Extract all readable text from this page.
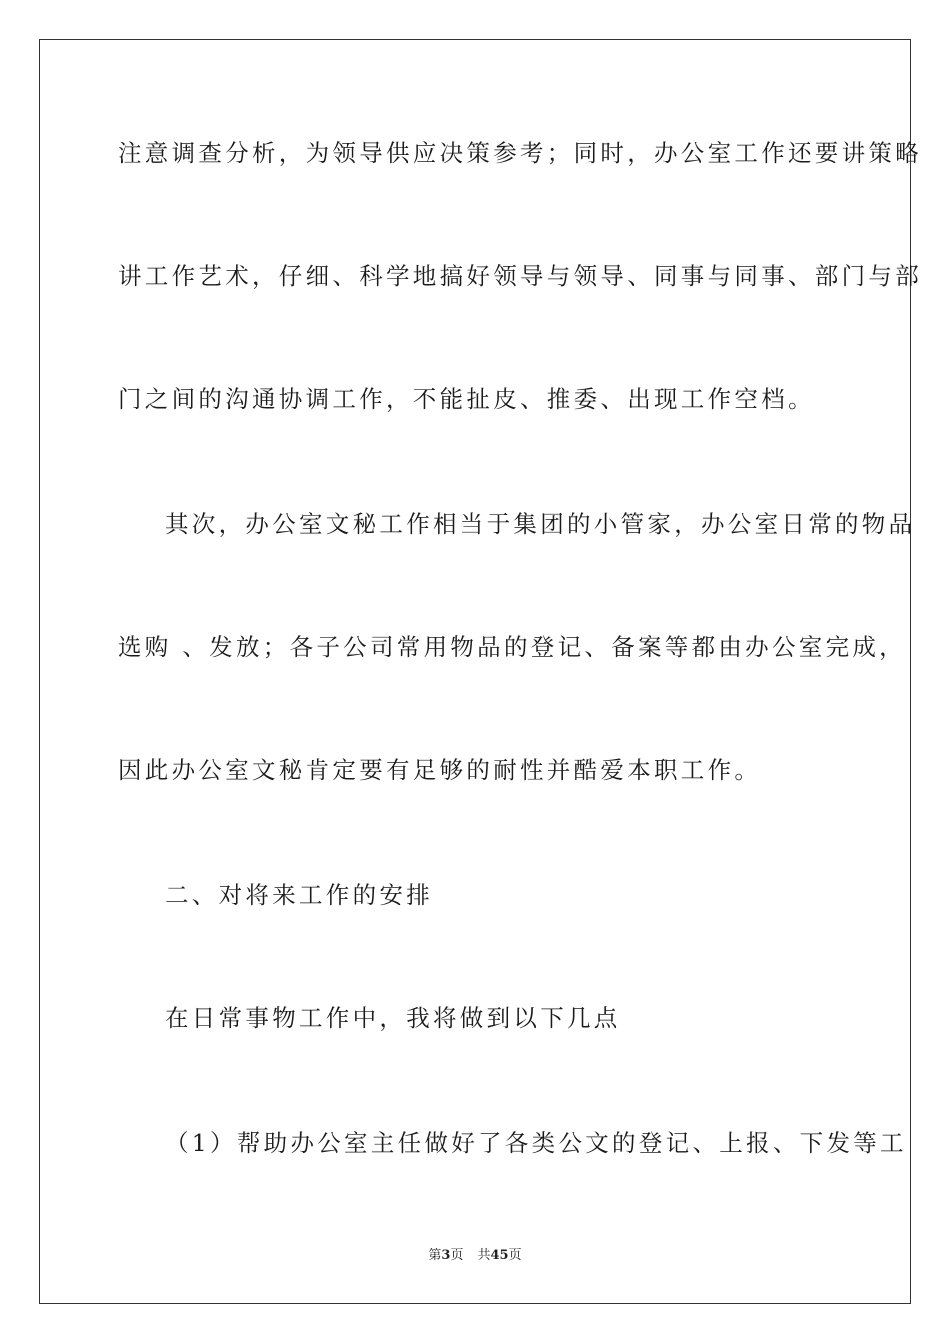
注意调查分析，为领导供应决策参考；同时，办公室工作还要讲策略
讲工作艺术，仔细、科学地搞好领导与领导、同事与同事、部门与部
门之间的沟通协调工作，不能扯皮、推委、出现工作空档。
其次，办公室文秘工作相当于集团的小管家，办公室日常的物品
选购 、发放；各子公司常用物品的登记、备案等都由办公室完成，
因此办公室文秘肯定要有足够的耐性并酷爱本职工作。
二、对将来工作的安排
在日常事物工作中，我将做到以下几点
（1）帮助办公室主任做好了各类公文的登记、上报、下发等工
第3页 共45页
